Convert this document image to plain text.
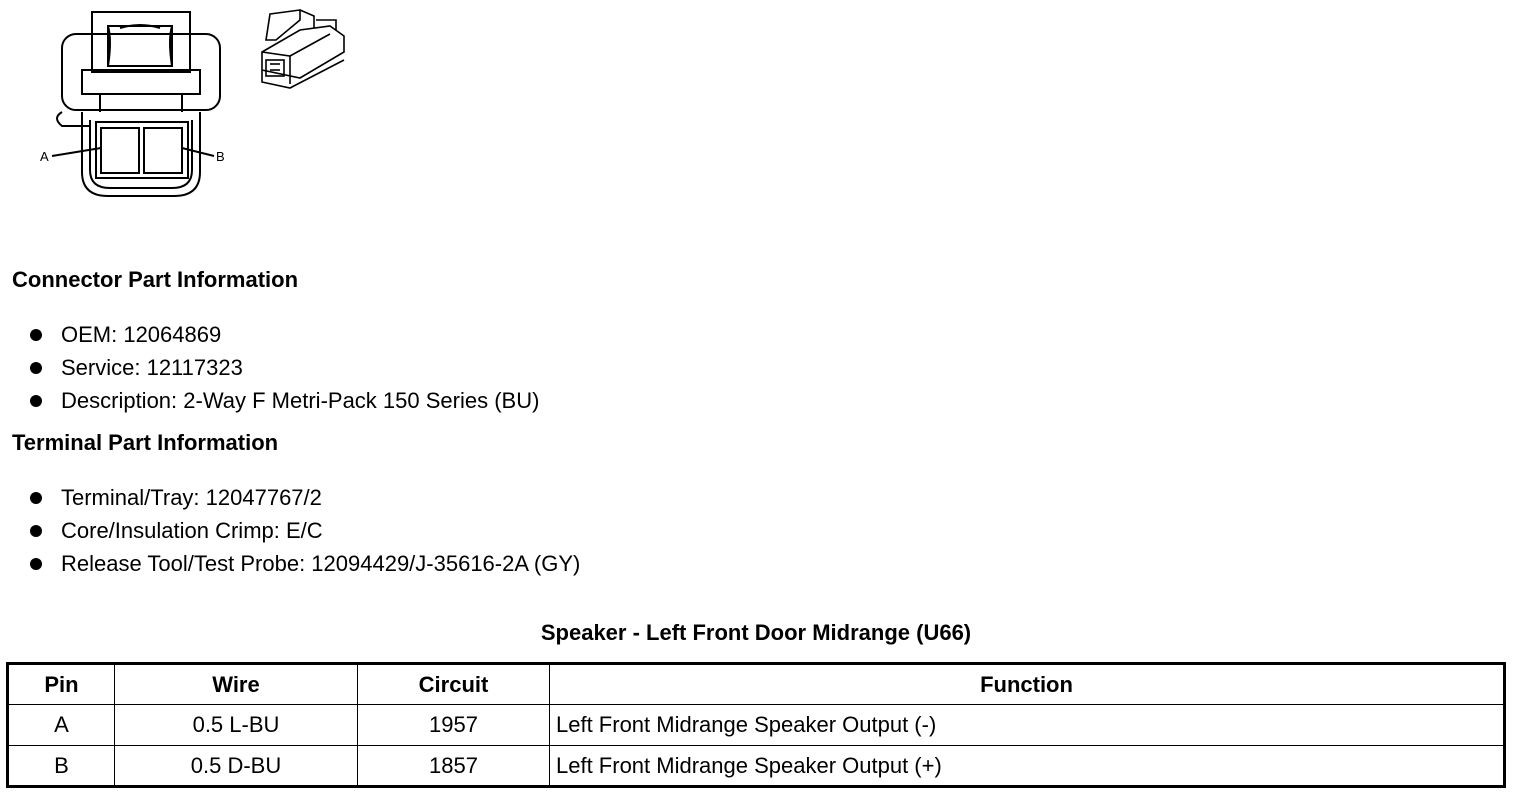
A	B
Connector Part Information
OEM: 12064869
Service: 12117323
Description: 2-Way F Metri-Pack 150 Series (BU)
Terminal Part Information
Terminal/Tray: 12047767/2
Core/Insulation Crimp: E/C
Release Tool/Test Probe: 12094429/J-35616-2A (GY)
Speaker - Left Front Door Midrange (U66)
Pin	Wire	Circuit	Function
A	0.5 L-BU	1957	Left Front Midrange Speaker Output (-)
B	0.5 D-BU	1857	Left Front Midrange Speaker Output (+)
